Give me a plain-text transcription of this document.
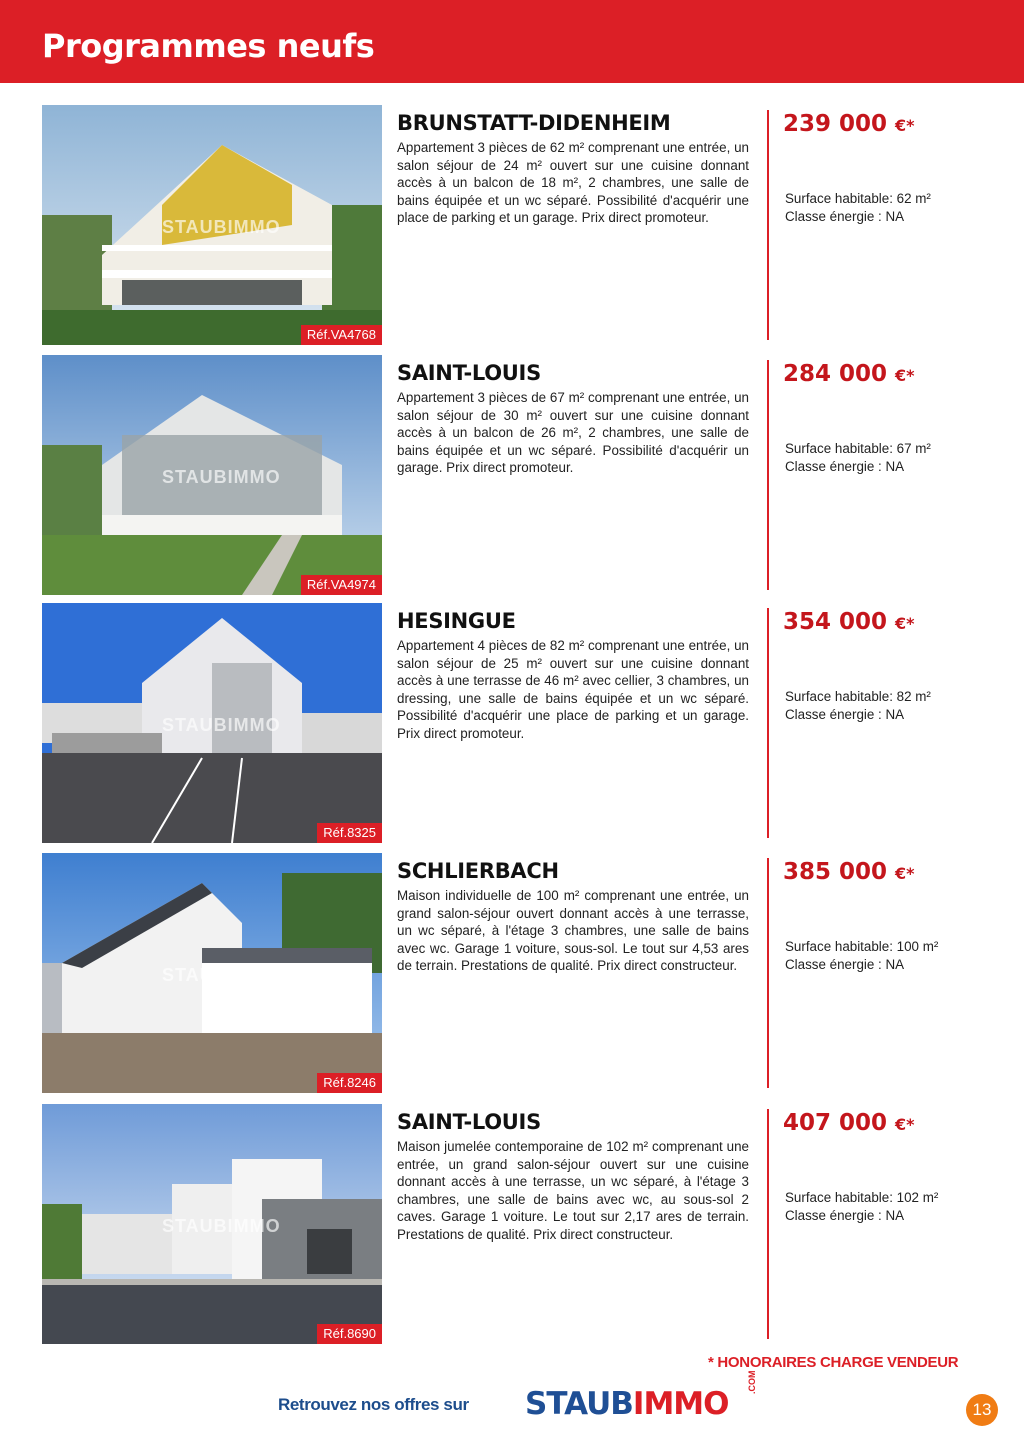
Programmes neufs
STAUBIMMO
Réf.VA4768
BRUNSTATT-DIDENHEIM

Appartement 3 pièces de 62 m² comprenant une entrée, un salon séjour de 24 m² ouvert sur une cuisine donnant accès à un balcon de 18 m², 2 chambres, une salle de bains équipée et un wc séparé. Possibilité d'acquérir une place de parking et un garage. Prix direct promoteur.

239 000 €*
Surface habitable: 62 m²
Classe énergie : NA
STAUBIMMO
Réf.VA4974
SAINT-LOUIS

Appartement 3 pièces de 67 m² comprenant une entrée, un salon séjour de 30 m² ouvert sur une cuisine donnant accès à un balcon de 26 m², 2 chambres, une salle de bains équipée et un wc séparé. Possibilité d'acquérir un garage. Prix direct promoteur.

284 000 €*
Surface habitable: 67 m²
Classe énergie : NA
STAUBIMMO
Réf.8325
HESINGUE

Appartement 4 pièces de 82 m² comprenant une entrée, un salon séjour de 25 m² ouvert sur une cuisine donnant accès à une terrasse de 46 m² avec cellier, 3 chambres, un dressing, une salle de bains équipée et un wc séparé. Possibilité d'acquérir une place de parking et un garage. Prix direct promoteur.

354 000 €*
Surface habitable: 82 m²
Classe énergie : NA
STAUBIMMO
Réf.8246
SCHLIERBACH

Maison individuelle de 100 m² comprenant une entrée, un grand salon-séjour ouvert donnant accès à une terrasse, un wc séparé, à l'étage 3 chambres, une salle de bains avec wc. Garage 1 voiture, sous-sol. Le tout sur 4,53 ares de terrain. Prestations de qualité. Prix direct constructeur.

385 000 €*
Surface habitable: 100 m²
Classe énergie : NA
STAUBIMMO
Réf.8690
SAINT-LOUIS

Maison jumelée contemporaine de 102 m² comprenant une entrée, un grand salon-séjour ouvert sur une cuisine donnant accès à une terrasse, un wc séparé, à l'étage 3 chambres, une salle de bains avec wc, au sous-sol 2 caves. Garage 1 voiture. Le tout sur 2,17 ares de terrain. Prestations de qualité. Prix direct constructeur.

407 000 €*
Surface habitable: 102 m²
Classe énergie : NA
* HONORAIRES CHARGE VENDEUR
Retrouvez nos offres sur STAUBIMMO
.COM
13
